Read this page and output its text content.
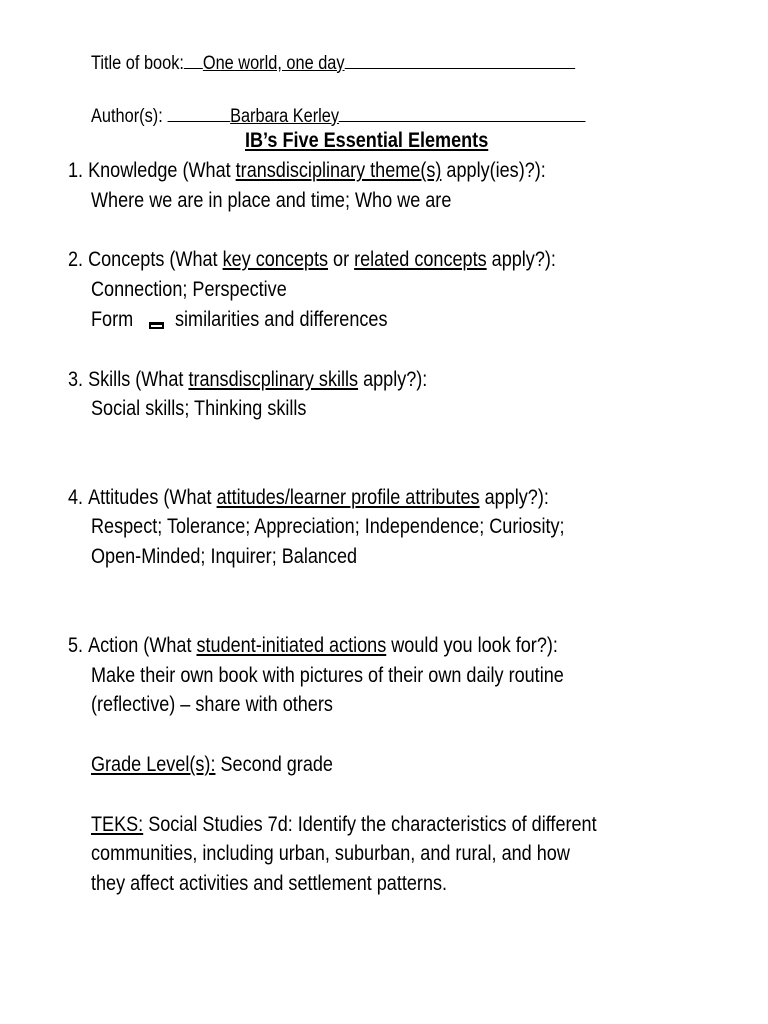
Title of book: One world, one day
Author(s):	Barbara Kerley
IB’s Five Essential Elements
1. Knowledge (What transdisciplinary theme(s) apply(ies)?):
Where we are in place and time; Who we are
2. Concepts (What key concepts or related concepts apply?):
Connection; Perspective
Form similarities and differences
3. Skills (What transdiscplinary skills apply?):
Social skills; Thinking skills
4. Attitudes (What attitudes/learner profile attributes apply?):
Respect; Tolerance; Appreciation; Independence; Curiosity;
Open-Minded; Inquirer; Balanced
5. Action (What student-initiated actions would you look for?):
Make their own book with pictures of their own daily routine
(reflective) – share with others
Grade Level(s): Second grade
TEKS: Social Studies 7d: Identify the characteristics of different
communities, including urban, suburban, and rural, and how
they affect activities and settlement patterns.
